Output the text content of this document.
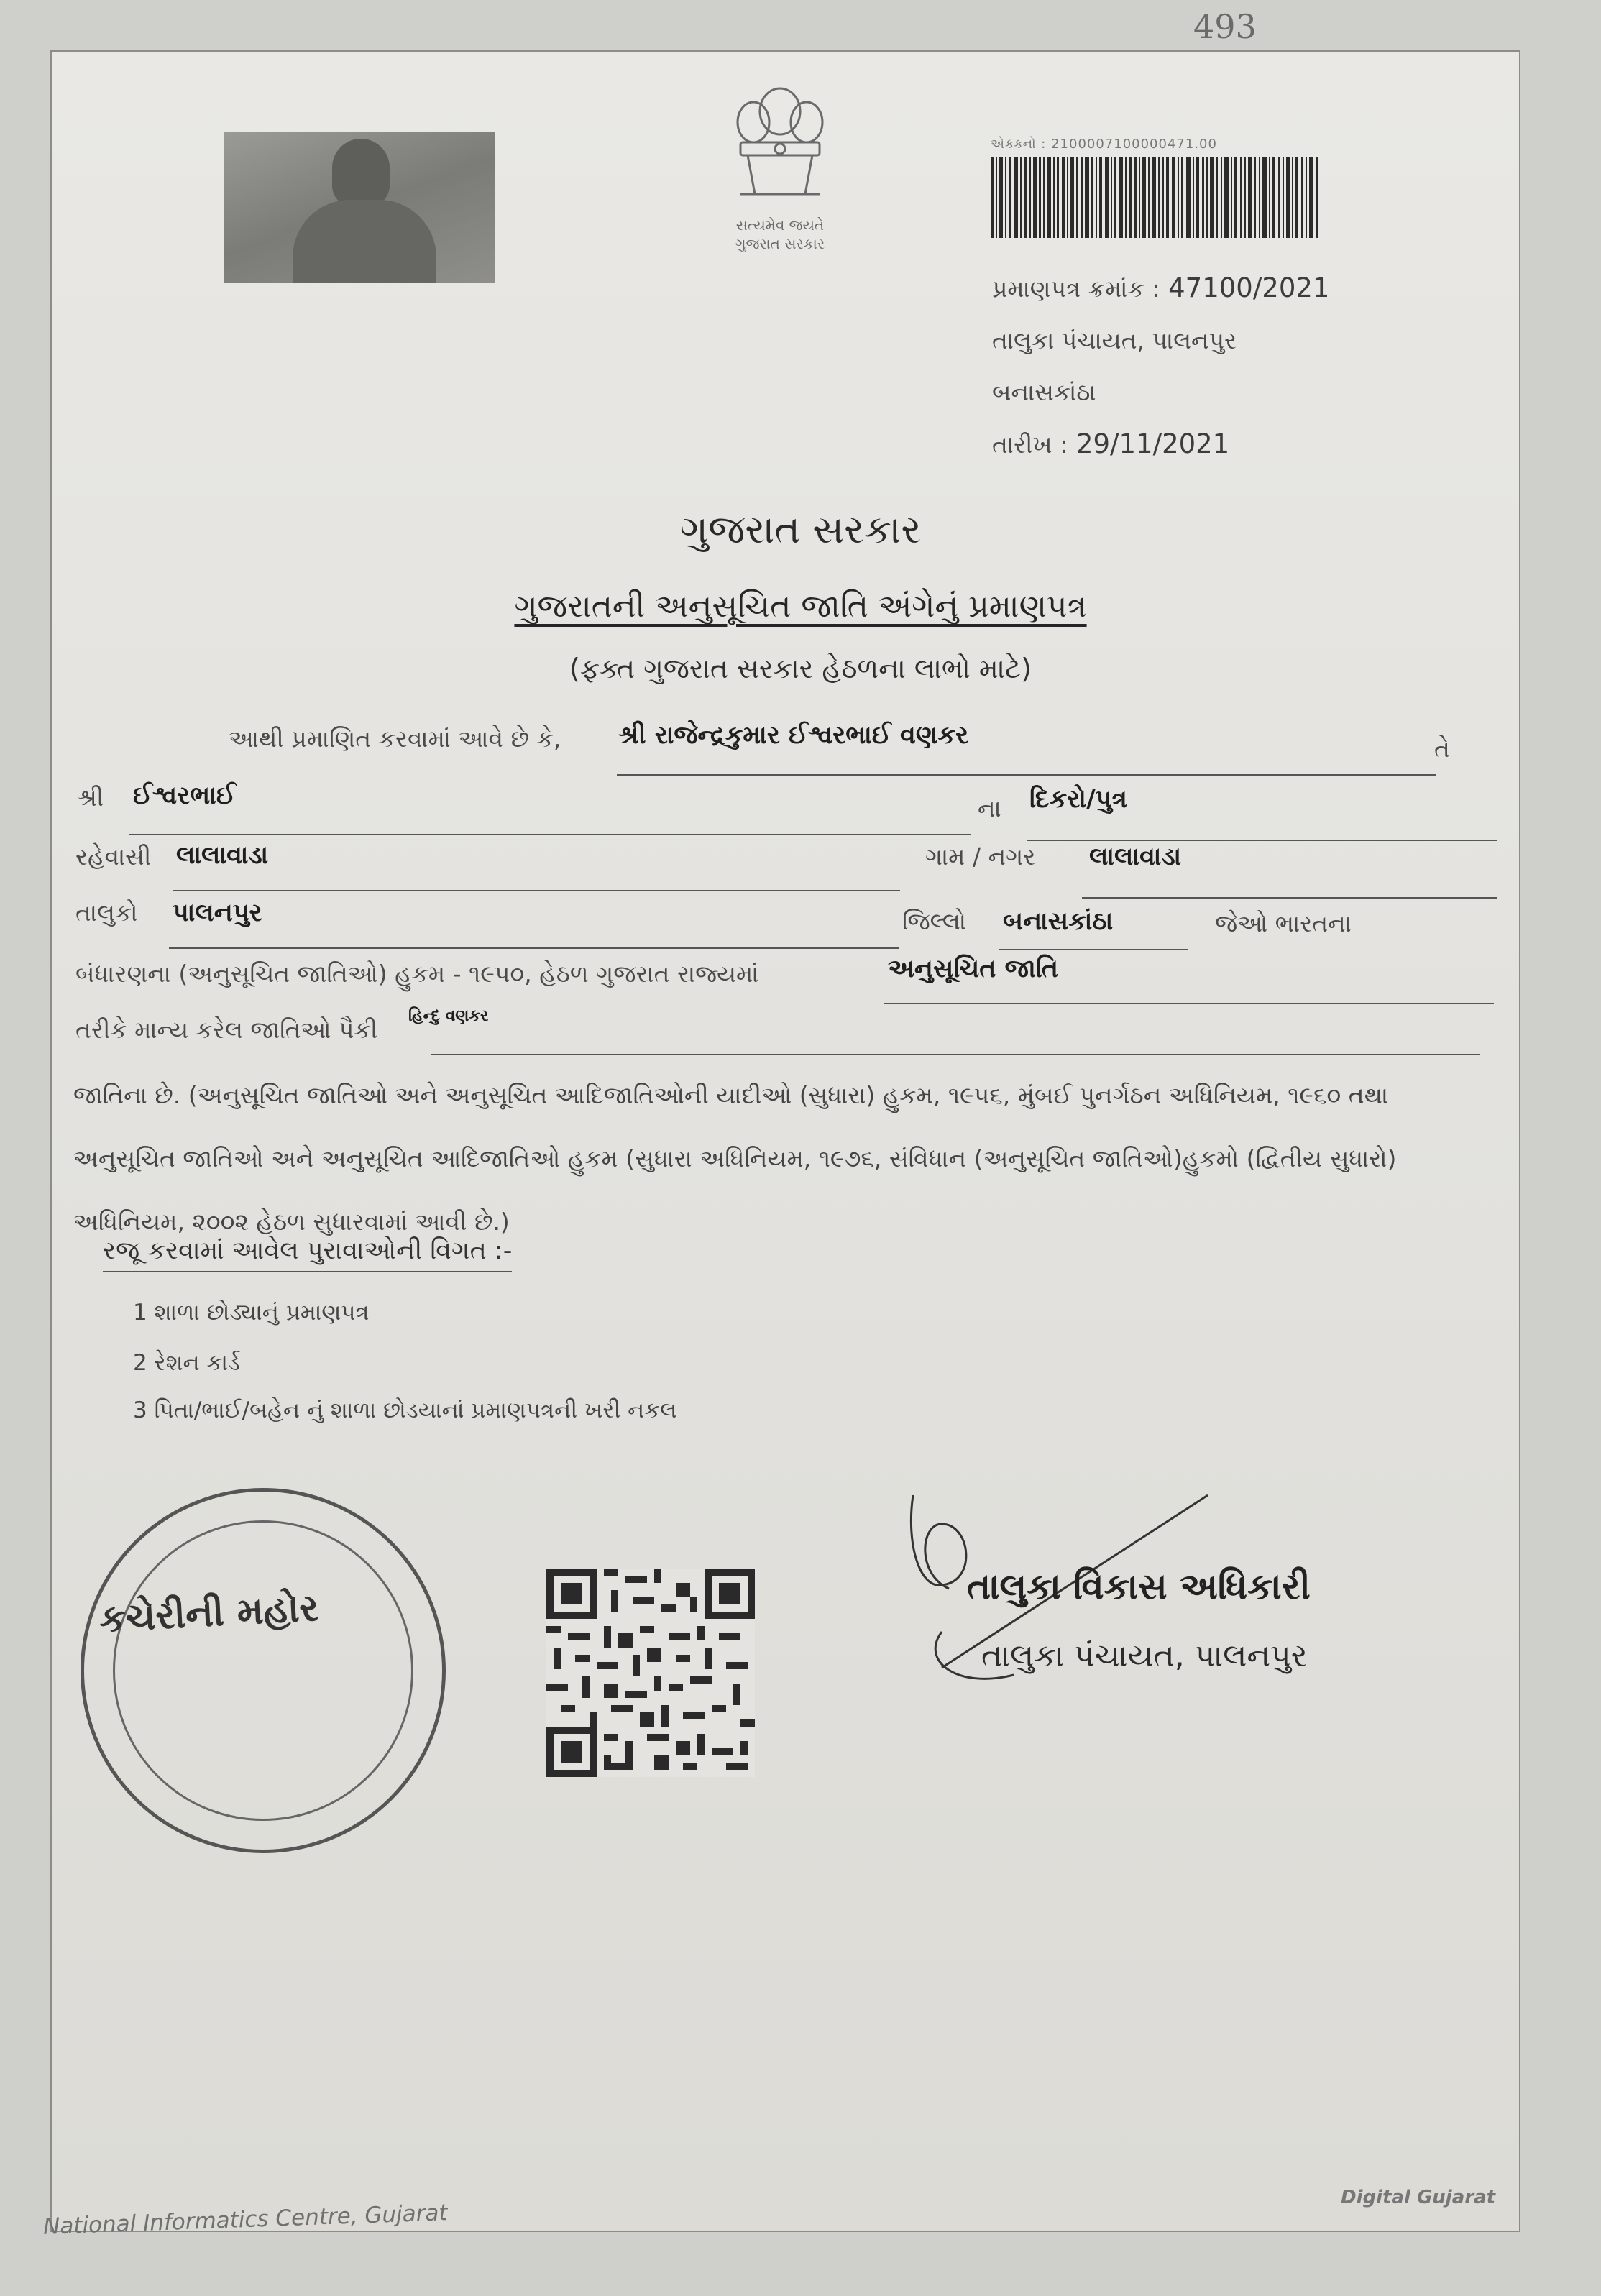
493
સત્યમેવ જયતે
ગુજરાત સરકાર
એક્ક્નો : 2100007100000471.00
પ્રમાણપત્ર ક્રમાંક : 47100/2021
તાલુકા પંચાયત, પાલનપુર
બનાસકાંઠા
તારીખ : 29/11/2021
ગુજરાત સરકાર
ગુજરાતની અનુસૂચિત જાતિ અંગેનું પ્રમાણપત્ર
(ફક્ત ગુજરાત સરકાર હેઠળના લાભો માટે)
આથી પ્રમાણિત કરવામાં આવે છે કે, શ્રી રાજેન્દ્રકુમાર ઈશ્વરભાઈ વણકર	તે
શ્રી ઈશ્વરભાઈ	ના દિકરો/પુત્ર
રહેવાસી લાલાવાડા	ગામ / નગર લાલાવાડા
તાલુકો પાલનપુર	જિલ્લો બનાસકાંઠા	જેઓ ભારતના
બંધારણના (અનુસૂચિત જાતિઓ) હુકમ - ૧૯૫૦, હેઠળ ગુજરાત રાજ્યમાં	અનુસૂચિત જાતિ
તરીકે માન્ય કરેલ જાતિઓ પૈકી હિન્દુ વણકર
જાતિના છે. (અનુસૂચિત જાતિઓ અને અનુસૂચિત આદિજાતિઓની યાદીઓ (સુધારા) હુકમ, ૧૯૫૬, મુંબઈ પુનર્ગઠન અધિનિયમ, ૧૯૬૦ તથા અનુસૂચિત જાતિઓ અને અનુસૂચિત આદિજાતિઓ હુકમ (સુધારા અધિનિયમ, ૧૯૭૬, સંવિધાન (અનુસૂચિત જાતિઓ)હુકમો (દ્વિતીય સુધારો) અધિનિયમ, ૨૦૦૨ હેઠળ સુધારવામાં આવી છે.)
રજૂ કરવામાં આવેલ પુરાવાઓની વિગત :-
1 શાળા છોડ્યાનું પ્રમાણપત્ર
2 રેશન કાર્ડ
3 પિતા/ભાઈ/બહેન નું શાળા છોડયાનાં પ્રમાણપત્રની ખરી નકલ
કચેરીની મહોર
તાલુકા વિકાસ અધિકારી
તાલુકા પંચાયત, પાલનપુર
National Informatics Centre, Gujarat
Digital Gujarat
